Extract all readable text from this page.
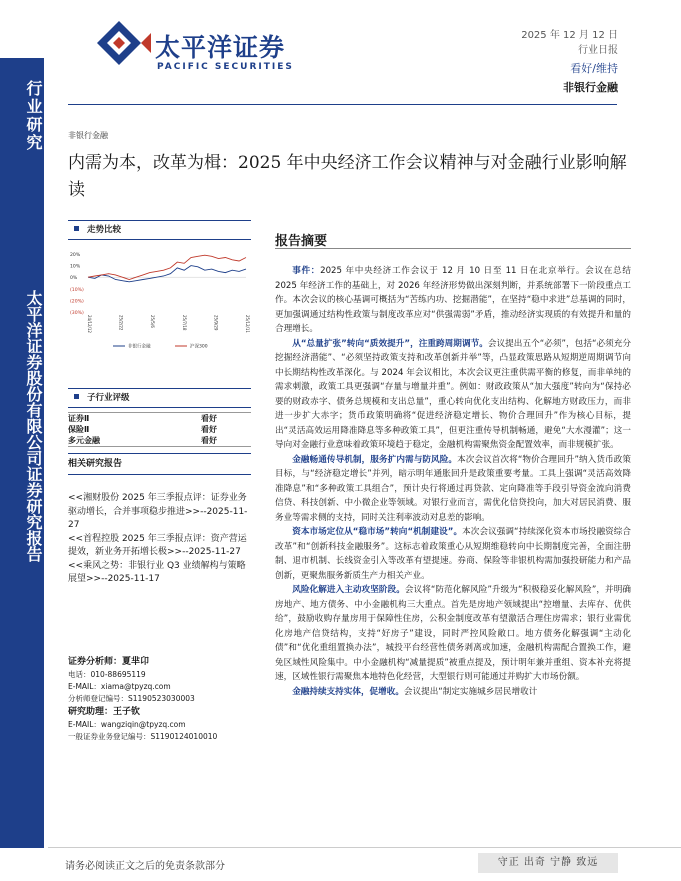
行业研究
太平洋证券股份有限公司证券研究报告
太平洋证券
PACIFIC SECURITIES
2025 年 12 月 12 日
行业日报
看好/维持
非银行金融
非银行金融
内需为本，改革为楫：2025 年中央经济工作会议精神与对金融行业影响解读
走势比较
20%
10%
0%
(10%)
(20%)
(30%)
24/12/12	25/2/22	25/5/6	25/7/18	25/9/29	25/12/11
非银行金融	沪深300
子行业评级
证券Ⅱ	看好
保险Ⅱ	看好
多元金融	看好
相关研究报告

<<湘财股份 2025 年三季报点评：证券业务驱动增长，合并事项稳步推进>>--2025-11-27

<<首程控股 2025 年三季报点评：资产营运提效，新业务开拓增长极>>--2025-11-27

<<乘风之势：非银行业 Q3 业绩解构与策略展望>>--2025-11-17

证券分析师：夏芈卬
电话：010-88695119
E-MAIL：xiama@tpyzq.com
分析师登记编号：S1190523030003
研究助理：王子钦
E-MAIL：wangziqin@tpyzq.com
一般证券业务登记编号：S1190124010010
报告摘要

事件：2025 年中央经济工作会议于 12 月 10 日至 11 日在北京举行。会议在总结 2025 年经济工作的基础上，对 2026 年经济形势做出深刻判断，并系统部署下一阶段重点工作。本次会议的核心基调可概括为“苦练内功、挖掘潜能”，在坚持“稳中求进”总基调的同时，更加强调通过结构性政策与制度改革应对“供强需弱”矛盾，推动经济实现质的有效提升和量的合理增长。

从“总量扩张”转向“质效提升”，注重跨周期调节。会议提出五个“必须”，包括“必须充分挖掘经济潜能”、“必须坚持政策支持和改革创新并举”等，凸显政策思路从短期逆周期调节向中长期结构性改革深化。与 2024 年会议相比，本次会议更注重供需平衡的修复，而非单纯的需求刺激，政策工具更强调“存量与增量并重”。例如：财政政策从“加大强度”转向为“保持必要的财政赤字、债务总规模和支出总量”，重心转向优化支出结构、化解地方财政压力，而非进一步扩大赤字；货币政策明确将“促进经济稳定增长、物价合理回升”作为核心目标，提出“灵活高效运用降准降息等多种政策工具”，但更注重传导机制畅通，避免“大水漫灌”；这一导向对金融行业意味着政策环境趋于稳定，金融机构需聚焦资金配置效率，而非规模扩张。

金融畅通传导机制，服务扩内需与防风险。本次会议首次将“物价合理回升”纳入货币政策目标，与“经济稳定增长”并列，暗示明年通胀回升是政策重要考量。工具上强调“灵活高效降准降息”和“多种政策工具组合”，预计央行将通过再贷款、定向降准等手段引导资金流向消费信贷、科技创新、中小微企业等领域。对银行业而言，需优化信贷投向，加大对居民消费、服务业等需求侧的支持，同时关注利率波动对息差的影响。

资本市场定位从“稳市场”转向“机制建设”。本次会议强调“持续深化资本市场投融资综合改革”和“创新科技金融服务”。这标志着政策重心从短期维稳转向中长期制度完善，全面注册制、退市机制、长线资金引入等改革有望提速。券商、保险等非银机构需加强投研能力和产品创新，更聚焦服务新质生产力相关产业。

风险化解进入主动攻坚阶段。会议将“防范化解风险”升级为“积极稳妥化解风险”，并明确房地产、地方债务、中小金融机构三大重点。首先是房地产领域提出“控增量、去库存、优供给”，鼓励收购存量房用于保障性住房，公积金制度改革有望激活合理住房需求；银行业需优化房地产信贷结构，支持“好房子”建设，同时严控风险敞口。地方债务化解强调“主动化债”和“优化重组置换办法”，城投平台经营性债务剥离或加速，金融机构需配合置换工作，避免区域性风险集中。中小金融机构“减量提质”被重点提及，预计明年兼并重组、资本补充将提速，区域性银行需聚焦本地特色化经营，大型银行则可能通过并购扩大市场份额。

金融持续支持实体，促增收。会议提出“制定实施城乡居民增收计

请务必阅读正文之后的免责条款部分	守正 出奇 宁静 致远
